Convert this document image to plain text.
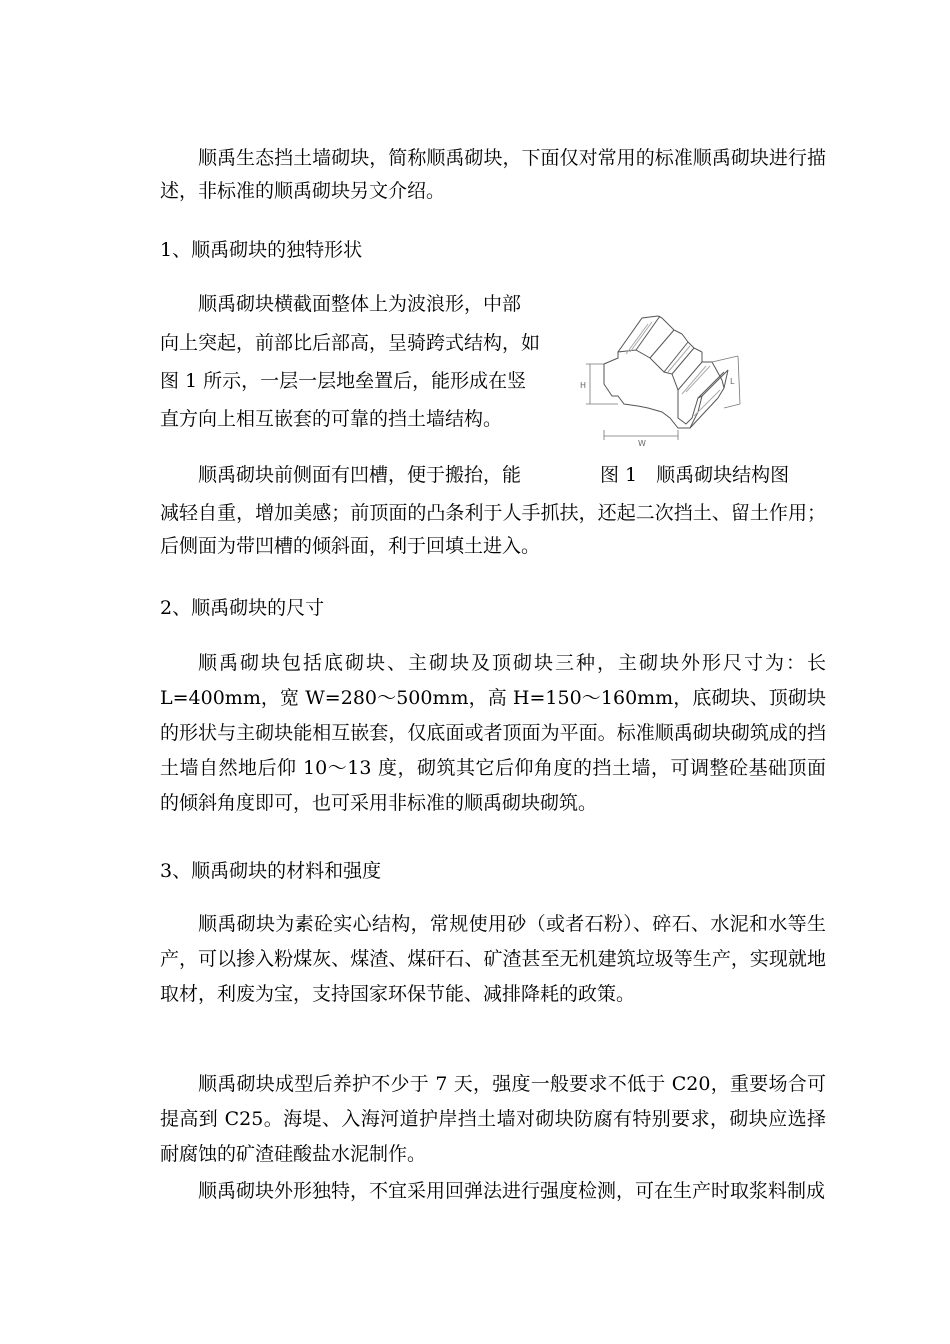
顺禹生态挡土墙砌块，简称顺禹砌块，下面仅对常用的标准顺禹砌块进行描述，非标准的顺禹砌块另文介绍。
1、顺禹砌块的独特形状
顺禹砌块横截面整体上为波浪形，中部
向上突起，前部比后部高，呈骑跨式结构，如
图 1 所示，一层一层地垒置后，能形成在竖
直方向上相互嵌套的可靠的挡土墙结构。
H
W
L
顺禹砌块前侧面有凹槽，便于搬抬，能	图 1　顺禹砌块结构图
减轻自重，增加美感；前顶面的凸条利于人手抓扶，还起二次挡土、留土作用；后侧面为带凹槽的倾斜面，利于回填土进入。
2、顺禹砌块的尺寸
顺禹砌块包括底砌块、主砌块及顶砌块三种，主砌块外形尺寸为：长 L=400mm，宽 W=280～500mm，高 H=150～160mm，底砌块、顶砌块的形状与主砌块能相互嵌套，仅底面或者顶面为平面。标准顺禹砌块砌筑成的挡土墙自然地后仰 10～13 度，砌筑其它后仰角度的挡土墙，可调整砼基础顶面的倾斜角度即可，也可采用非标准的顺禹砌块砌筑。
3、顺禹砌块的材料和强度
顺禹砌块为素砼实心结构，常规使用砂（或者石粉）、碎石、水泥和水等生产，可以掺入粉煤灰、煤渣、煤矸石、矿渣甚至无机建筑垃圾等生产，实现就地取材，利废为宝，支持国家环保节能、减排降耗的政策。
顺禹砌块成型后养护不少于 7 天，强度一般要求不低于 C20，重要场合可提高到 C25。海堤、入海河道护岸挡土墙对砌块防腐有特别要求，砌块应选择耐腐蚀的矿渣硅酸盐水泥制作。
顺禹砌块外形独特，不宜采用回弹法进行强度检测，可在生产时取浆料制成
